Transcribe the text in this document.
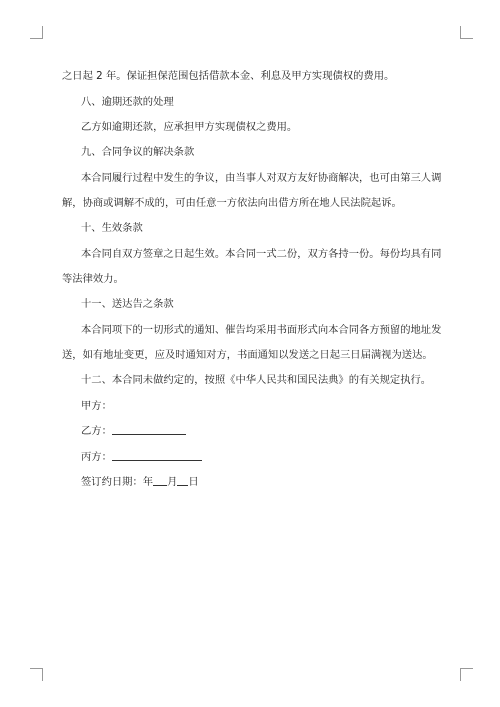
之日起 2 年。保证担保范围包括借款本金、利息及甲方实现债权的费用。
八、逾期还款的处理
乙方如逾期还款，应承担甲方实现债权之费用。
九、合同争议的解决条款
本合同履行过程中发生的争议，由当事人对双方友好协商解决，也可由第三人调
解，协商或调解不成的，可由任意一方依法向出借方所在地人民法院起诉。
十、生效条款
本合同自双方签章之日起生效。本合同一式二份，双方各持一份。每份均具有同
等法律效力。
十一、送达告之条款
本合同项下的一切形式的通知、催告均采用书面形式向本合同各方预留的地址发
送，如有地址变更，应及时通知对方，书面通知以发送之日起三日届满视为送达。
十二、本合同未做约定的，按照《中华人民共和国民法典》的有关规定执行。
甲方：
乙方：
丙方：
签订约日期：年 月 日
